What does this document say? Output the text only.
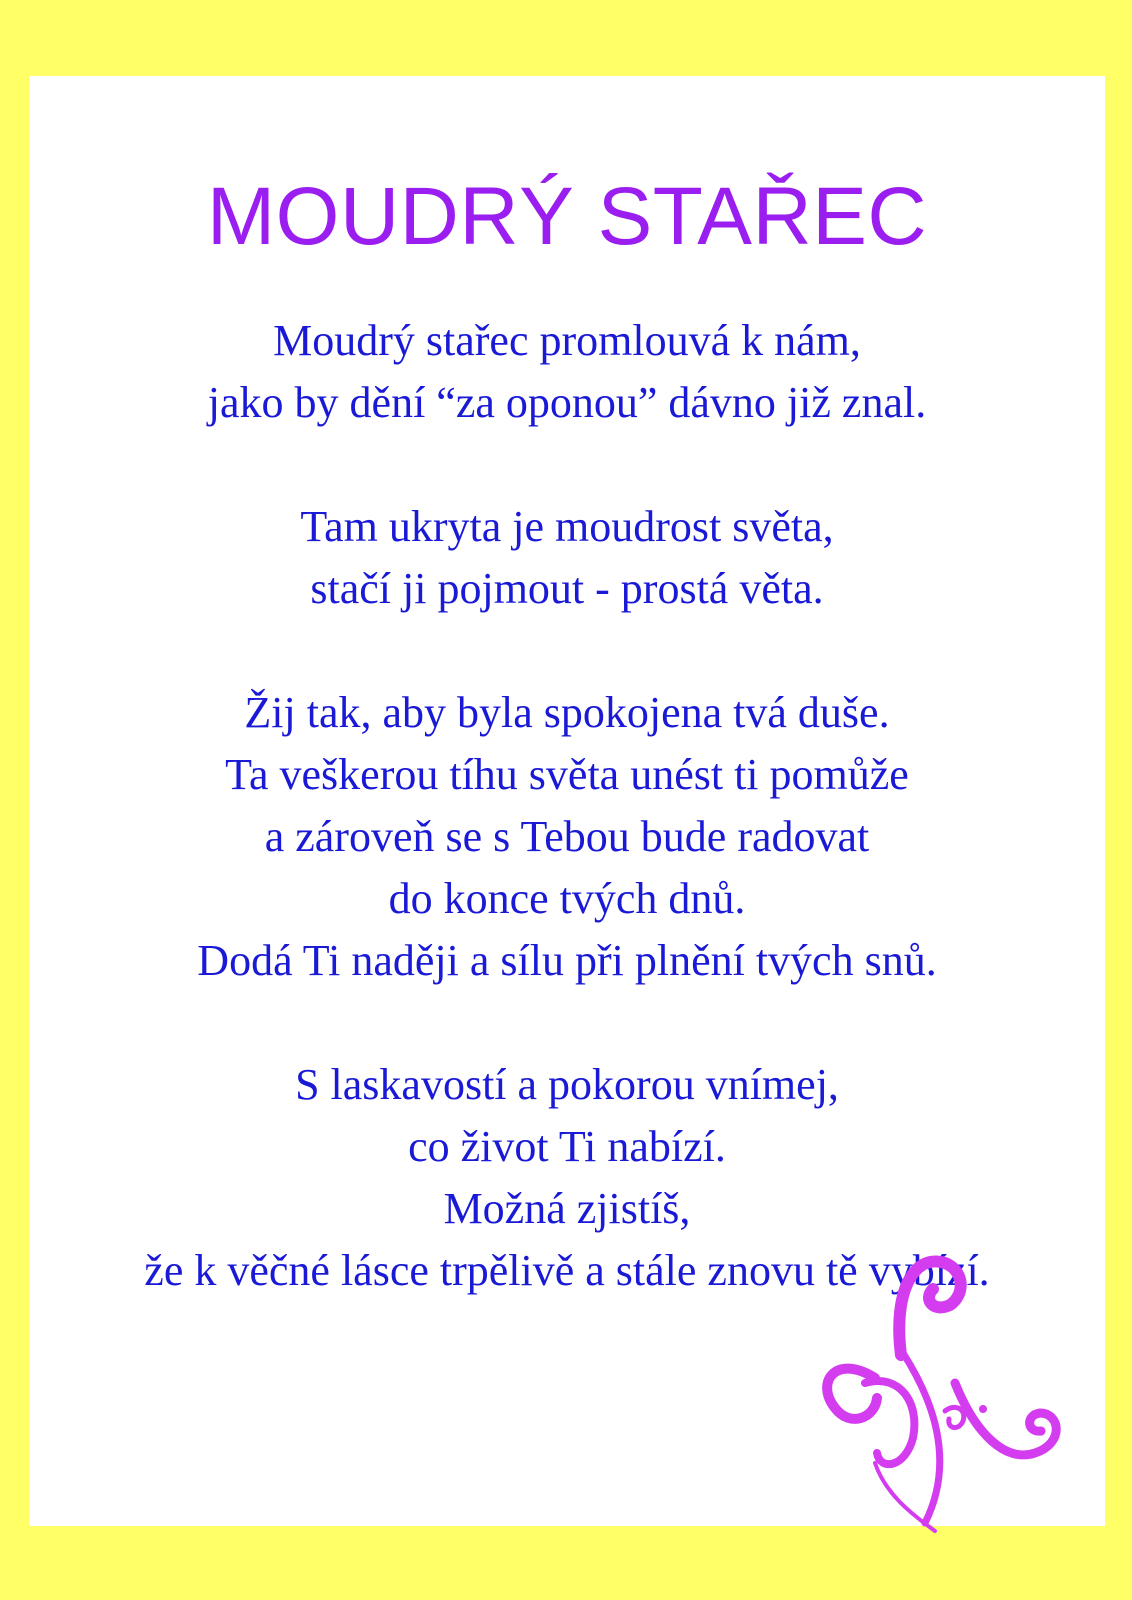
MOUDRÝ STAŘEC

Moudrý stařec promlouvá k nám,
jako by dění “za oponou” dávno již znal.

Tam ukryta je moudrost světa,
stačí ji pojmout - prostá věta.

Žij tak, aby byla spokojena tvá duše.
Ta veškerou tíhu světa unést ti pomůže
a zároveň se s Tebou bude radovat
do konce tvých dnů.
Dodá Ti naději a sílu při plnění tvých snů.

S laskavostí a pokorou vnímej,
co život Ti nabízí.
Možná zjistíš,
že k věčné lásce trpělivě a stále znovu tě vybízí.
